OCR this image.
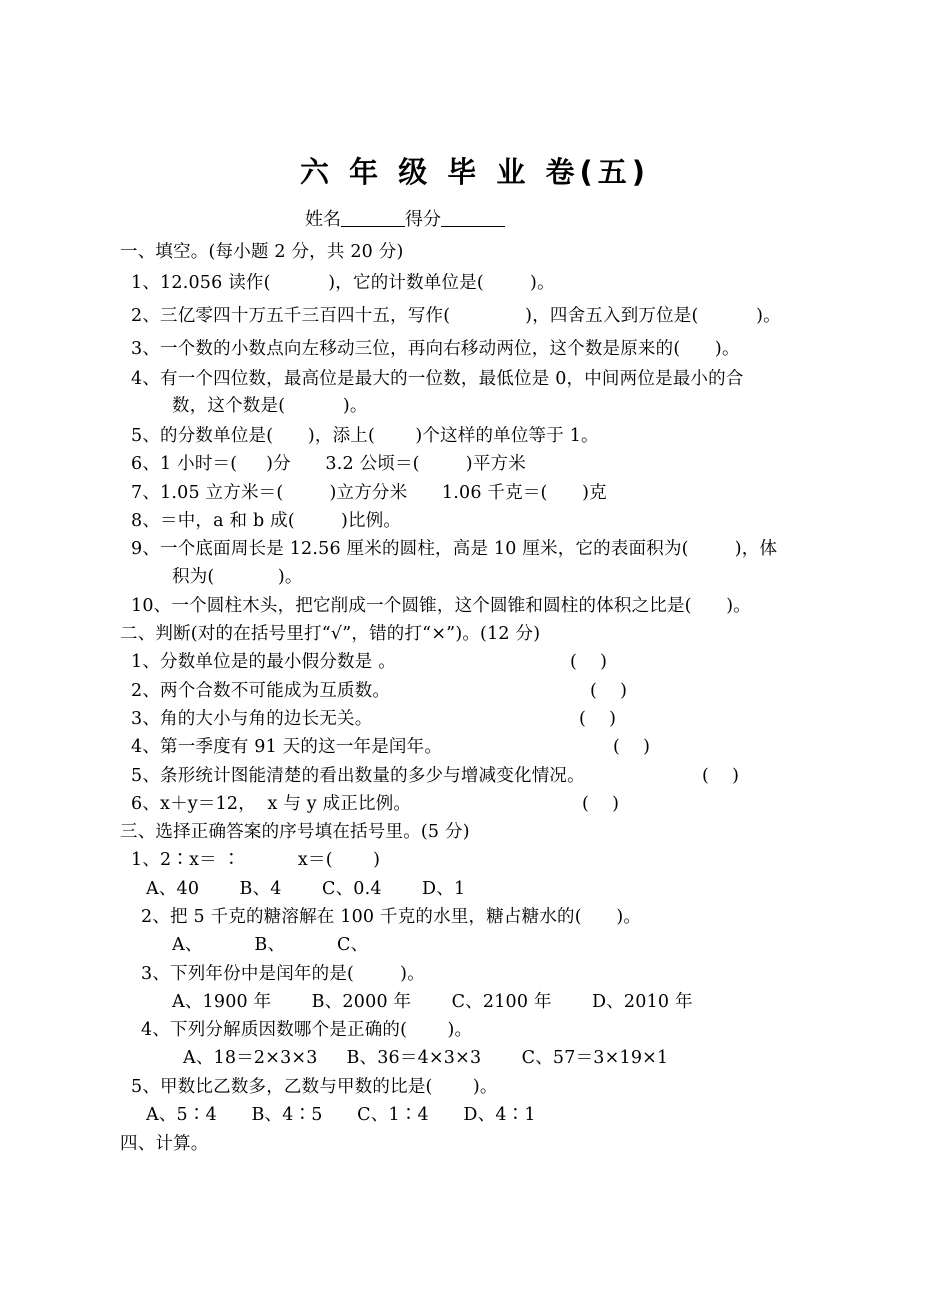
六 年 级 毕 业 卷(五)
姓名	得分
一、填空。(每小题 2 分，共 20 分)
1、12.056 读作(          )，它的计数单位是(        )。
2、三亿零四十万五千三百四十五，写作(             )，四舍五入到万位是(          )。
3、一个数的小数点向左移动三位，再向右移动两位，这个数是原来的(      )。
4、有一个四位数，最高位是最大的一位数，最低位是 0，中间两位是最小的合
数，这个数是(          )。
5、的分数单位是(      )，添上(       )个这样的单位等于 1。
6、1 小时＝(     )分      3.2 公顷＝(        )平方米
7、1.05 立方米＝(        )立方分米      1.06 千克＝(      )克
8、＝中，a 和 b 成(        )比例。
9、一个底面周长是 12.56 厘米的圆柱，高是 10 厘米，它的表面积为(        )，体
积为(           )。
10、一个圆柱木头，把它削成一个圆锥，这个圆锥和圆柱的体积之比是(      )。
二、判断(对的在括号里打“√”，错的打“×”)。(12 分)
1、分数单位是的最小假分数是 。	(    )
2、两个合数不可能成为互质数。	(    )
3、角的大小与角的边长无关。	(    )
4、第一季度有 91 天的这一年是闰年。	(    )
5、条形统计图能清楚的看出数量的多少与增减变化情况。	(    )
6、x＋y＝12，  x 与 y 成正比例。	(    )
三、选择正确答案的序号填在括号里。(5 分)
1、2∶x＝ ∶          x＝(       )
A、40       B、4       C、0.4       D、1
2、把 5 千克的糖溶解在 100 千克的水里，糖占糖水的(      )。
A、         B、         C、
3、下列年份中是闰年的是(        )。
A、1900 年       B、2000 年       C、2100 年       D、2010 年
4、下列分解质因数哪个是正确的(       )。
A、18＝2×3×3     B、36＝4×3×3       C、57＝3×19×1
5、甲数比乙数多，乙数与甲数的比是(       )。
A、5∶4      B、4∶5      C、1∶4      D、4∶1
四、计算。
